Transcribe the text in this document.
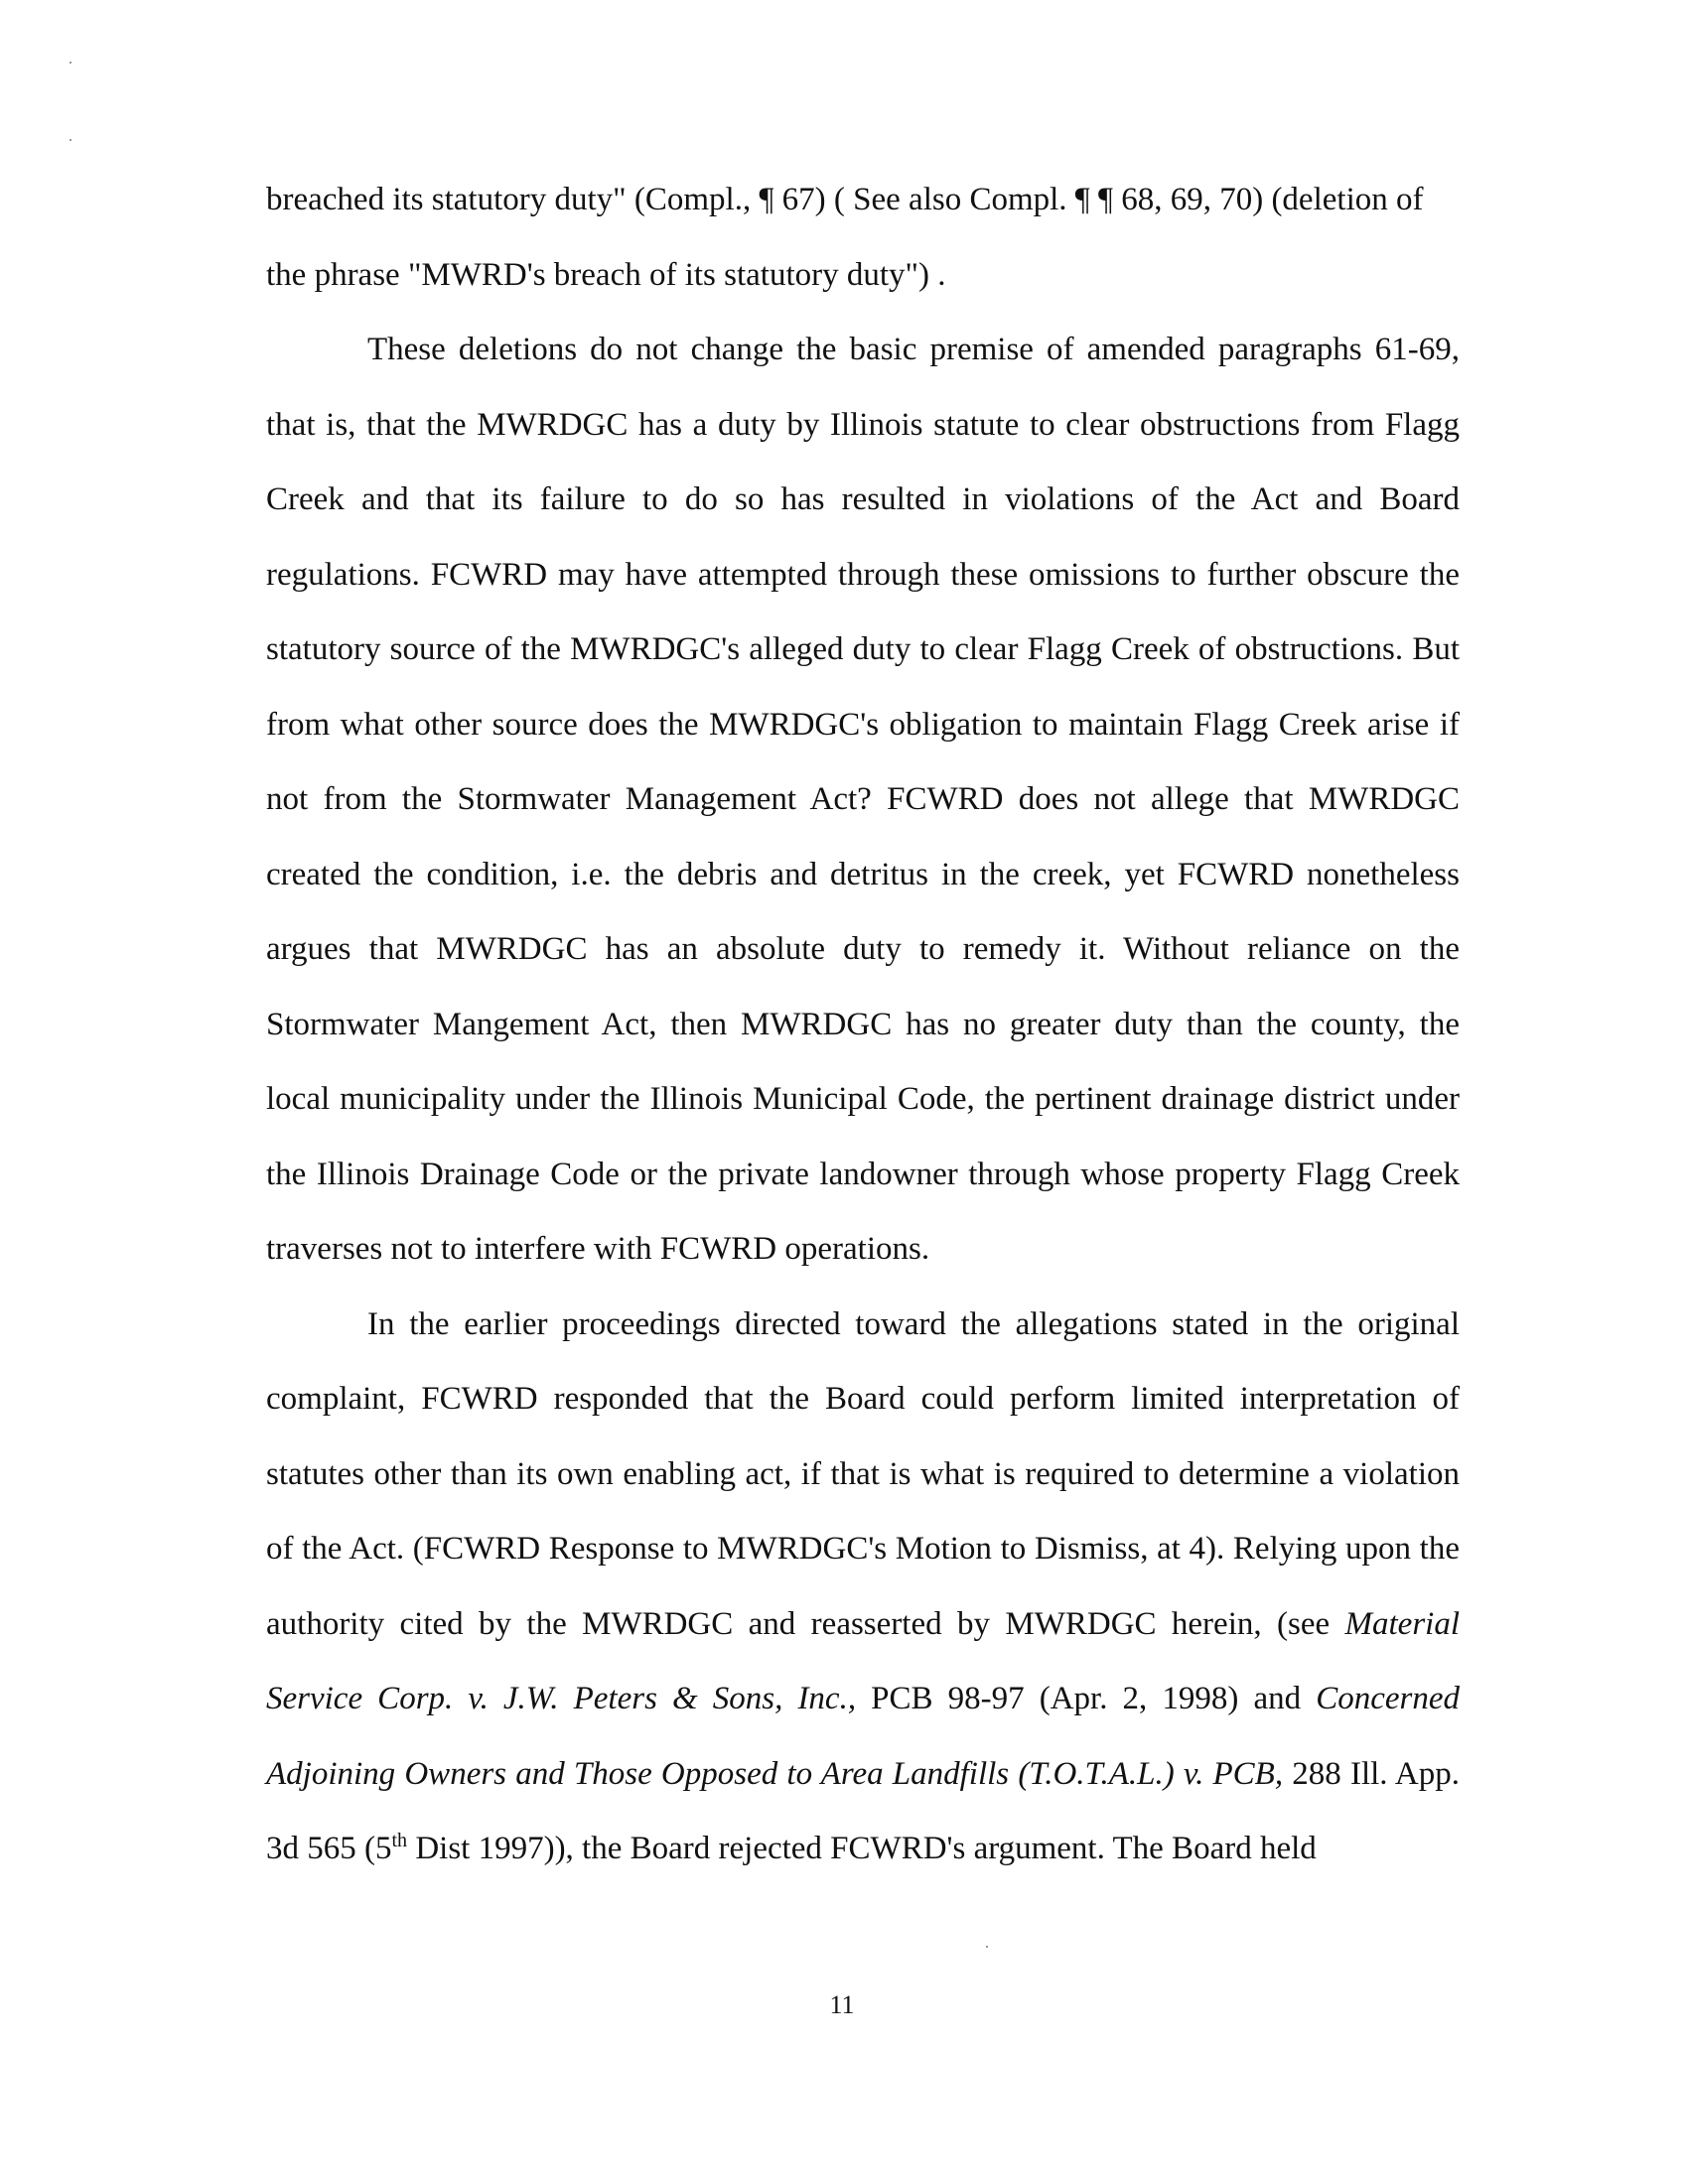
breached its statutory duty" (Compl., ¶ 67) ( See also Compl. ¶ ¶ 68, 69, 70) (deletion of
the phrase "MWRD's breach of its statutory duty") .

These deletions do not change the basic premise of amended paragraphs 61-69, that is, that the MWRDGC has a duty by Illinois statute to clear obstructions from Flagg Creek and that its failure to do so has resulted in violations of the Act and Board regulations. FCWRD may have attempted through these omissions to further obscure the statutory source of the MWRDGC's alleged duty to clear Flagg Creek of obstructions. But from what other source does the MWRDGC's obligation to maintain Flagg Creek arise if not from the Stormwater Management Act? FCWRD does not allege that MWRDGC created the condition, i.e. the debris and detritus in the creek, yet FCWRD nonetheless argues that MWRDGC has an absolute duty to remedy it. Without reliance on the Stormwater Mangement Act, then MWRDGC has no greater duty than the county, the local municipality under the Illinois Municipal Code, the pertinent drainage district under the Illinois Drainage Code or the private landowner through whose property Flagg Creek traverses not to interfere with FCWRD operations.

In the earlier proceedings directed toward the allegations stated in the original complaint, FCWRD responded that the Board could perform limited interpretation of statutes other than its own enabling act, if that is what is required to determine a violation of the Act. (FCWRD Response to MWRDGC's Motion to Dismiss, at 4). Relying upon the authority cited by the MWRDGC and reasserted by MWRDGC herein, (see Material Service Corp. v. J.W. Peters & Sons, Inc., PCB 98-97 (Apr. 2, 1998) and Concerned Adjoining Owners and Those Opposed to Area Landfills (T.O.T.A.L.) v. PCB, 288 Ill. App. 3d 565 (5th Dist 1997)), the Board rejected FCWRD's argument. The Board held

11
